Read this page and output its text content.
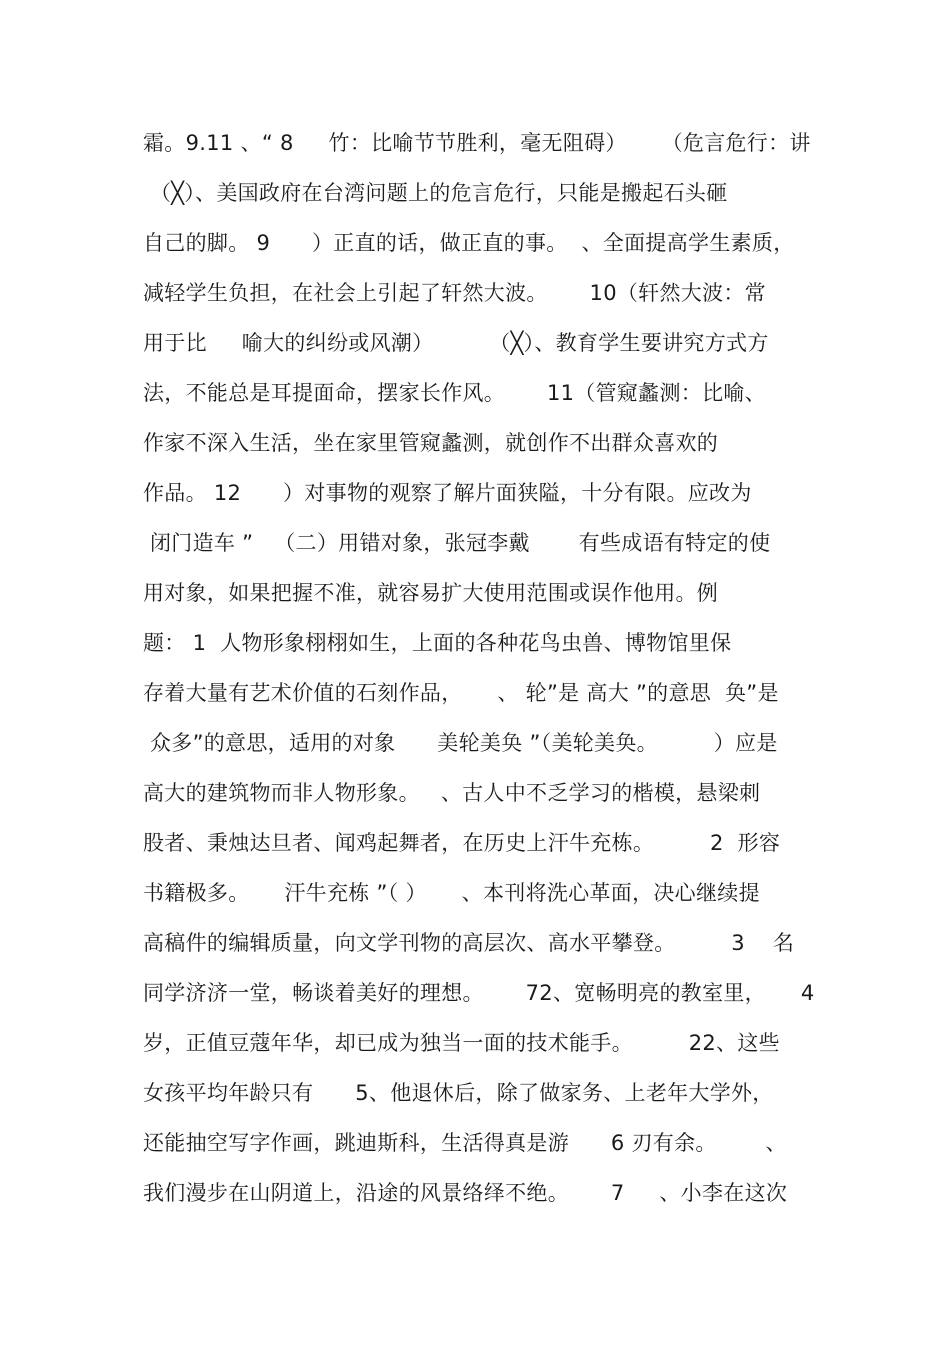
霜。9.11 、“ 8     竹：比喻节节胜利，毫无阻碍）     （危言危行：讲
（╳）、美国政府在台湾问题上的危言危行，只能是搬起石头砸
自己的脚。 9      ）正直的话，做正直的事。  、全面提高学生素质，
减轻学生负担，在社会上引起了轩然大波。      10（轩然大波：常
用于比     喻大的纠纷或风潮）        （╳）、教育学生要讲究方式方
法，不能总是耳提面命，摆家长作风。      11（管窥蠡测：比喻、
作家不深入生活，坐在家里管窥蠡测，就创作不出群众喜欢的
作品。 12      ）对事物的观察了解片面狭隘，十分有限。应改为
闭门造车 ”   （二）用错对象，张冠李戴       有些成语有特定的使
用对象，如果把握不准，就容易扩大使用范围或误作他用。例
题： 1  人物形象栩栩如生，上面的各种花鸟虫兽、博物馆里保
存着大量有艺术价值的石刻作品，     、 轮”是 高大 ”的意思  奂”是
众多”的意思，适用的对象      美轮美奂 ”（美轮美奂。        ）应是
高大的建筑物而非人物形象。   、古人中不乏学习的楷模，悬梁刺
股者、秉烛达旦者、闻鸡起舞者，在历史上汗牛充栋。        2  形容
书籍极多。     汗牛充栋 ”（ ）     、本刊将洗心革面，决心继续提
高稿件的编辑质量，向文学刊物的高层次、高水平攀登。        3    名
同学济济一堂，畅谈着美好的理想。      72、宽畅明亮的教室里，     4
岁，正值豆蔻年华，却已成为独当一面的技术能手。        22、这些
女孩平均年龄只有      5、他退休后，除了做家务、上老年大学外，
还能抽空写字作画，跳迪斯科，生活得真是游      6 刃有余。       、
我们漫步在山阴道上，沿途的风景络绎不绝。      7     、小李在这次
